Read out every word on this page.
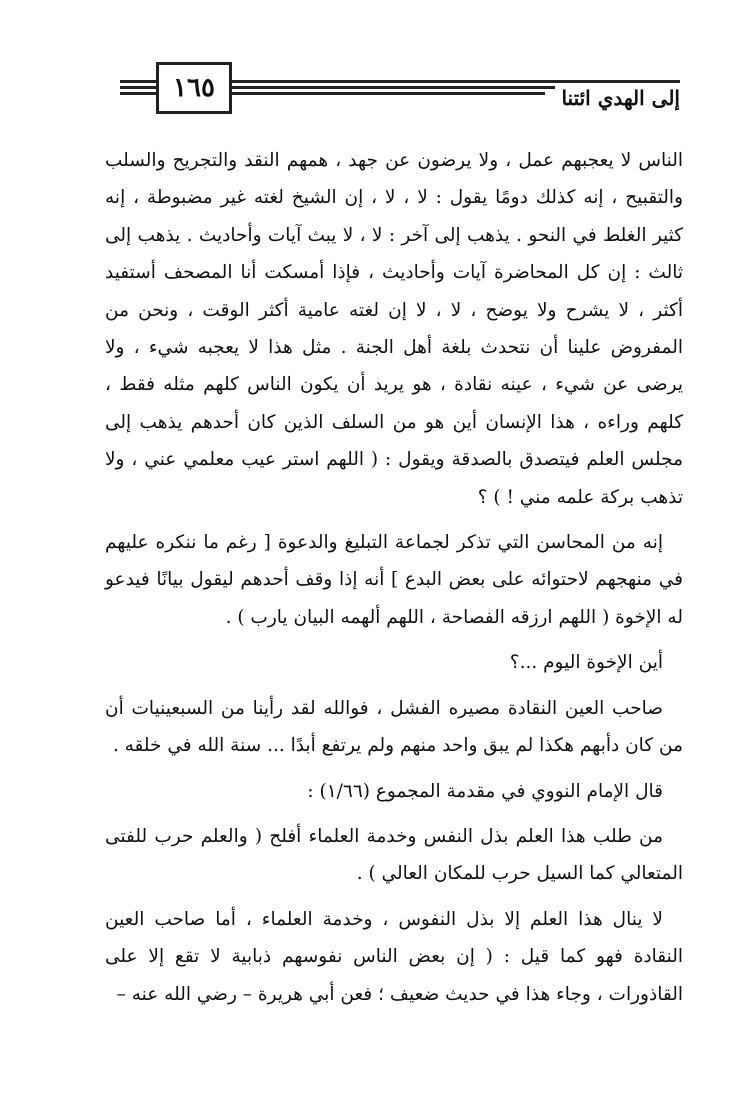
١٦٥	إلى الهدي ائتنا

الناس لا يعجبهم عمل ، ولا يرضون عن جهد ، همهم النقد والتجريح والسلب والتقبيح ، إنه كذلك دومًا يقول : لا ، لا ، إن الشيخ لغته غير مضبوطة ، إنه كثير الغلط في النحو . يذهب إلى آخر : لا ، لا يبث آيات وأحاديث . يذهب إلى ثالث : إن كل المحاضرة آيات وأحاديث ، فإذا أمسكت أنا المصحف أستفيد أكثر ، لا يشرح ولا يوضح ، لا ، لا إن لغته عامية أكثر الوقت ، ونحن من المفروض علينا أن نتحدث بلغة أهل الجنة . مثل هذا لا يعجبه شيء ، ولا يرضى عن شيء ، عينه نقادة ، هو يريد أن يكون الناس كلهم مثله فقط ، كلهم وراءه ، هذا الإنسان أين هو من السلف الذين كان أحدهم يذهب إلى مجلس العلم فيتصدق بالصدقة ويقول : ( اللهم استر عيب معلمي عني ، ولا تذهب بركة علمه مني ! ) ؟

إنه من المحاسن التي تذكر لجماعة التبليغ والدعوة [ رغم ما ننكره عليهم في منهجهم لاحتوائه على بعض البدع ] أنه إذا وقف أحدهم ليقول بيانًا فيدعو له الإخوة ( اللهم ارزقه الفصاحة ، اللهم ألهمه البيان يارب ) .

أين الإخوة اليوم ...؟

صاحب العين النقادة مصيره الفشل ، فوالله لقد رأينا من السبعينيات أن من كان دأبهم هكذا لم يبق واحد منهم ولم يرتفع أبدًا ... سنة الله في خلقه .

قال الإمام النووي في مقدمة المجموع (١/٦٦) :

من طلب هذا العلم بذل النفس وخدمة العلماء أفلح ( والعلم حرب للفتى المتعالي كما السيل حرب للمكان العالي ) .

لا ينال هذا العلم إلا بذل النفوس ، وخدمة العلماء ، أما صاحب العين النقادة فهو كما قيل : ( إن بعض الناس نفوسهم ذبابية لا تقع إلا على القاذورات ، وجاء هذا في حديث ضعيف ؛ فعن أبي هريرة – رضي الله عنه –
